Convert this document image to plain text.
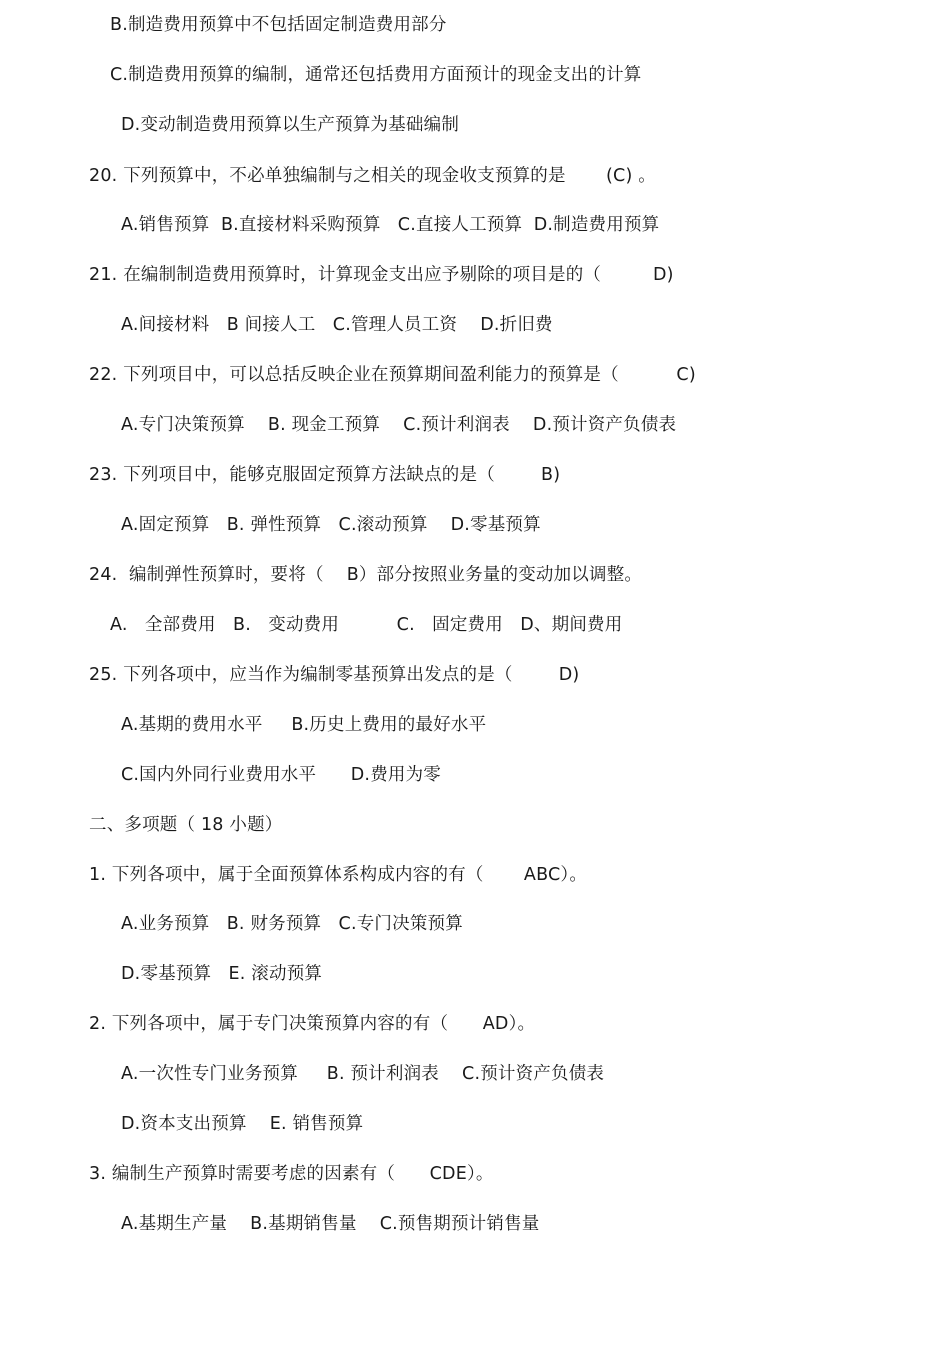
B.制造费用预算中不包括固定制造费用部分
C.制造费用预算的编制，通常还包括费用方面预计的现金支出的计算
D.变动制造费用预算以生产预算为基础编制
20. 下列预算中，不必单独编制与之相关的现金收支预算的是       (C) 。
A.销售预算  B.直接材料采购预算   C.直接人工预算  D.制造费用预算
21. 在编制制造费用预算时，计算现金支出应予剔除的项目是的（         D)
A.间接材料   B 间接人工   C.管理人员工资    D.折旧费
22. 下列项目中，可以总括反映企业在预算期间盈利能力的预算是（          C)
A.专门决策预算    B. 现金工预算    C.预计利润表    D.预计资产负债表
23. 下列项目中，能够克服固定预算方法缺点的是（        B)
A.固定预算   B. 弹性预算   C.滚动预算    D.零基预算
24.  编制弹性预算时，要将（    B）部分按照业务量的变动加以调整。
A.   全部费用   B.   变动费用          C.   固定费用   D、期间费用
25. 下列各项中，应当作为编制零基预算出发点的是（        D)
A.基期的费用水平     B.历史上费用的最好水平
C.国内外同行业费用水平      D.费用为零
二、多项题（ 18 小题）
1. 下列各项中，属于全面预算体系构成内容的有（       ABC）。
A.业务预算   B. 财务预算   C.专门决策预算
D.零基预算   E. 滚动预算
2. 下列各项中，属于专门决策预算内容的有（      AD）。
A.一次性专门业务预算     B. 预计利润表    C.预计资产负债表
D.资本支出预算    E. 销售预算
3. 编制生产预算时需要考虑的因素有（      CDE）。
A.基期生产量    B.基期销售量    C.预售期预计销售量
